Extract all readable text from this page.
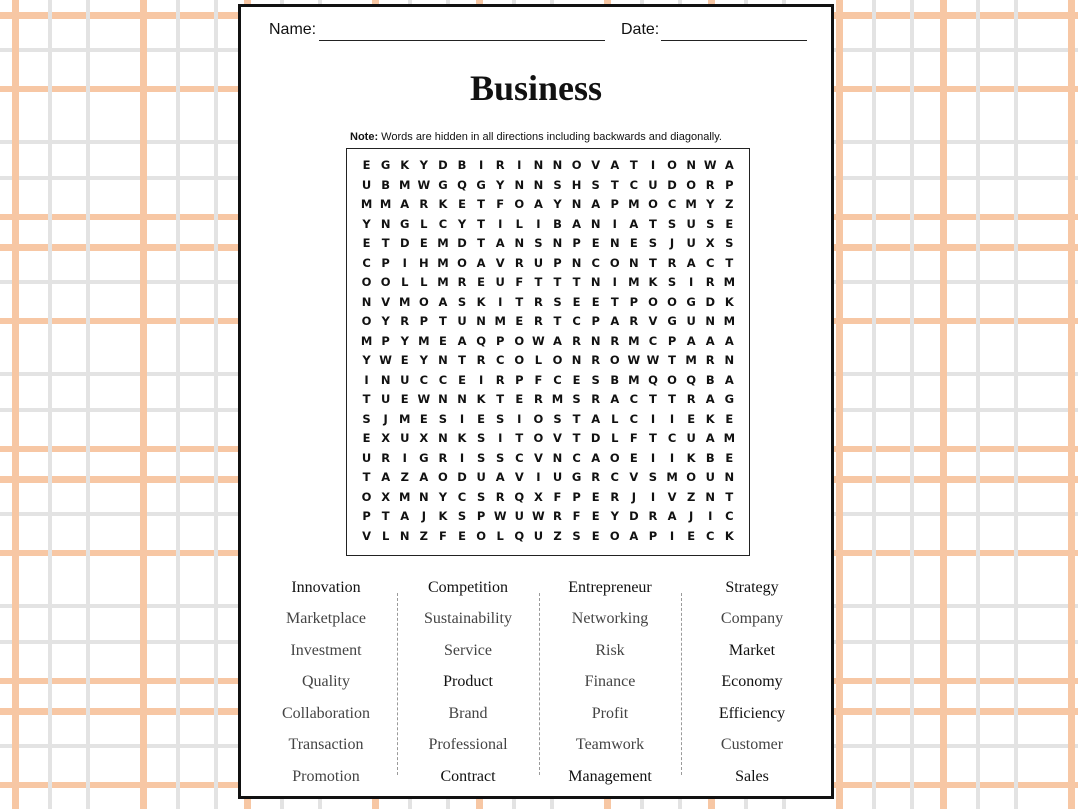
Name:	Date:
Business
Note: Words are hidden in all directions including backwards and diagonally.
E G K Y D B	I	R	I	N N O V A T	I	O N W A
U B M W G Q G Y N N S H S T C U D O R P
M M A R K E T F O A Y N A P M O C M Y Z
Y N G L C Y T	I	L	I	B A N	I	A T S U S E
E T D E M D T A N S N P E N E S	J	U X S
C P	I	H M O A V R U P N C O N T R A C T
O O L	L M R E U F T T T N	I M K S	I	R M
N V M O A S K	I	T R S E E T P O O G D K
O Y R P T U N M E R T C P A R V G U N M
M P Y M E A Q P O W A R N R M C P A A A
Y W E Y N T R C O L O N R O W W T M R N
I	N U C C E	I	R P F C E S B M Q O Q B A
T U E W N N K T E R M S R A C T T R A G
S	J M E S	I	E S	I	O S T A L C	I	I	E K E
E X U X N K S	I	T O V T D L	F T C U A M
U R	I	G R	I	S S C V N C A O E	I	I	K B E
T A Z A O D U A V	I	U G R C V S M O U N
O X M N Y C S R Q X F P E R	J	I	V Z N T
P T A	J	K S P W U W R F E Y D R A	J	I	C
V L N Z F E O L Q U Z S E O A P	I	E C K
Innovation
Marketplace
Investment
Quality
Collaboration
Transaction
Promotion
Competition
Sustainability
Service
Product
Brand
Professional
Contract
Entrepreneur
Networking
Risk
Finance
Profit
Teamwork
Management
Strategy
Company
Market
Economy
Efficiency
Customer
Sales
